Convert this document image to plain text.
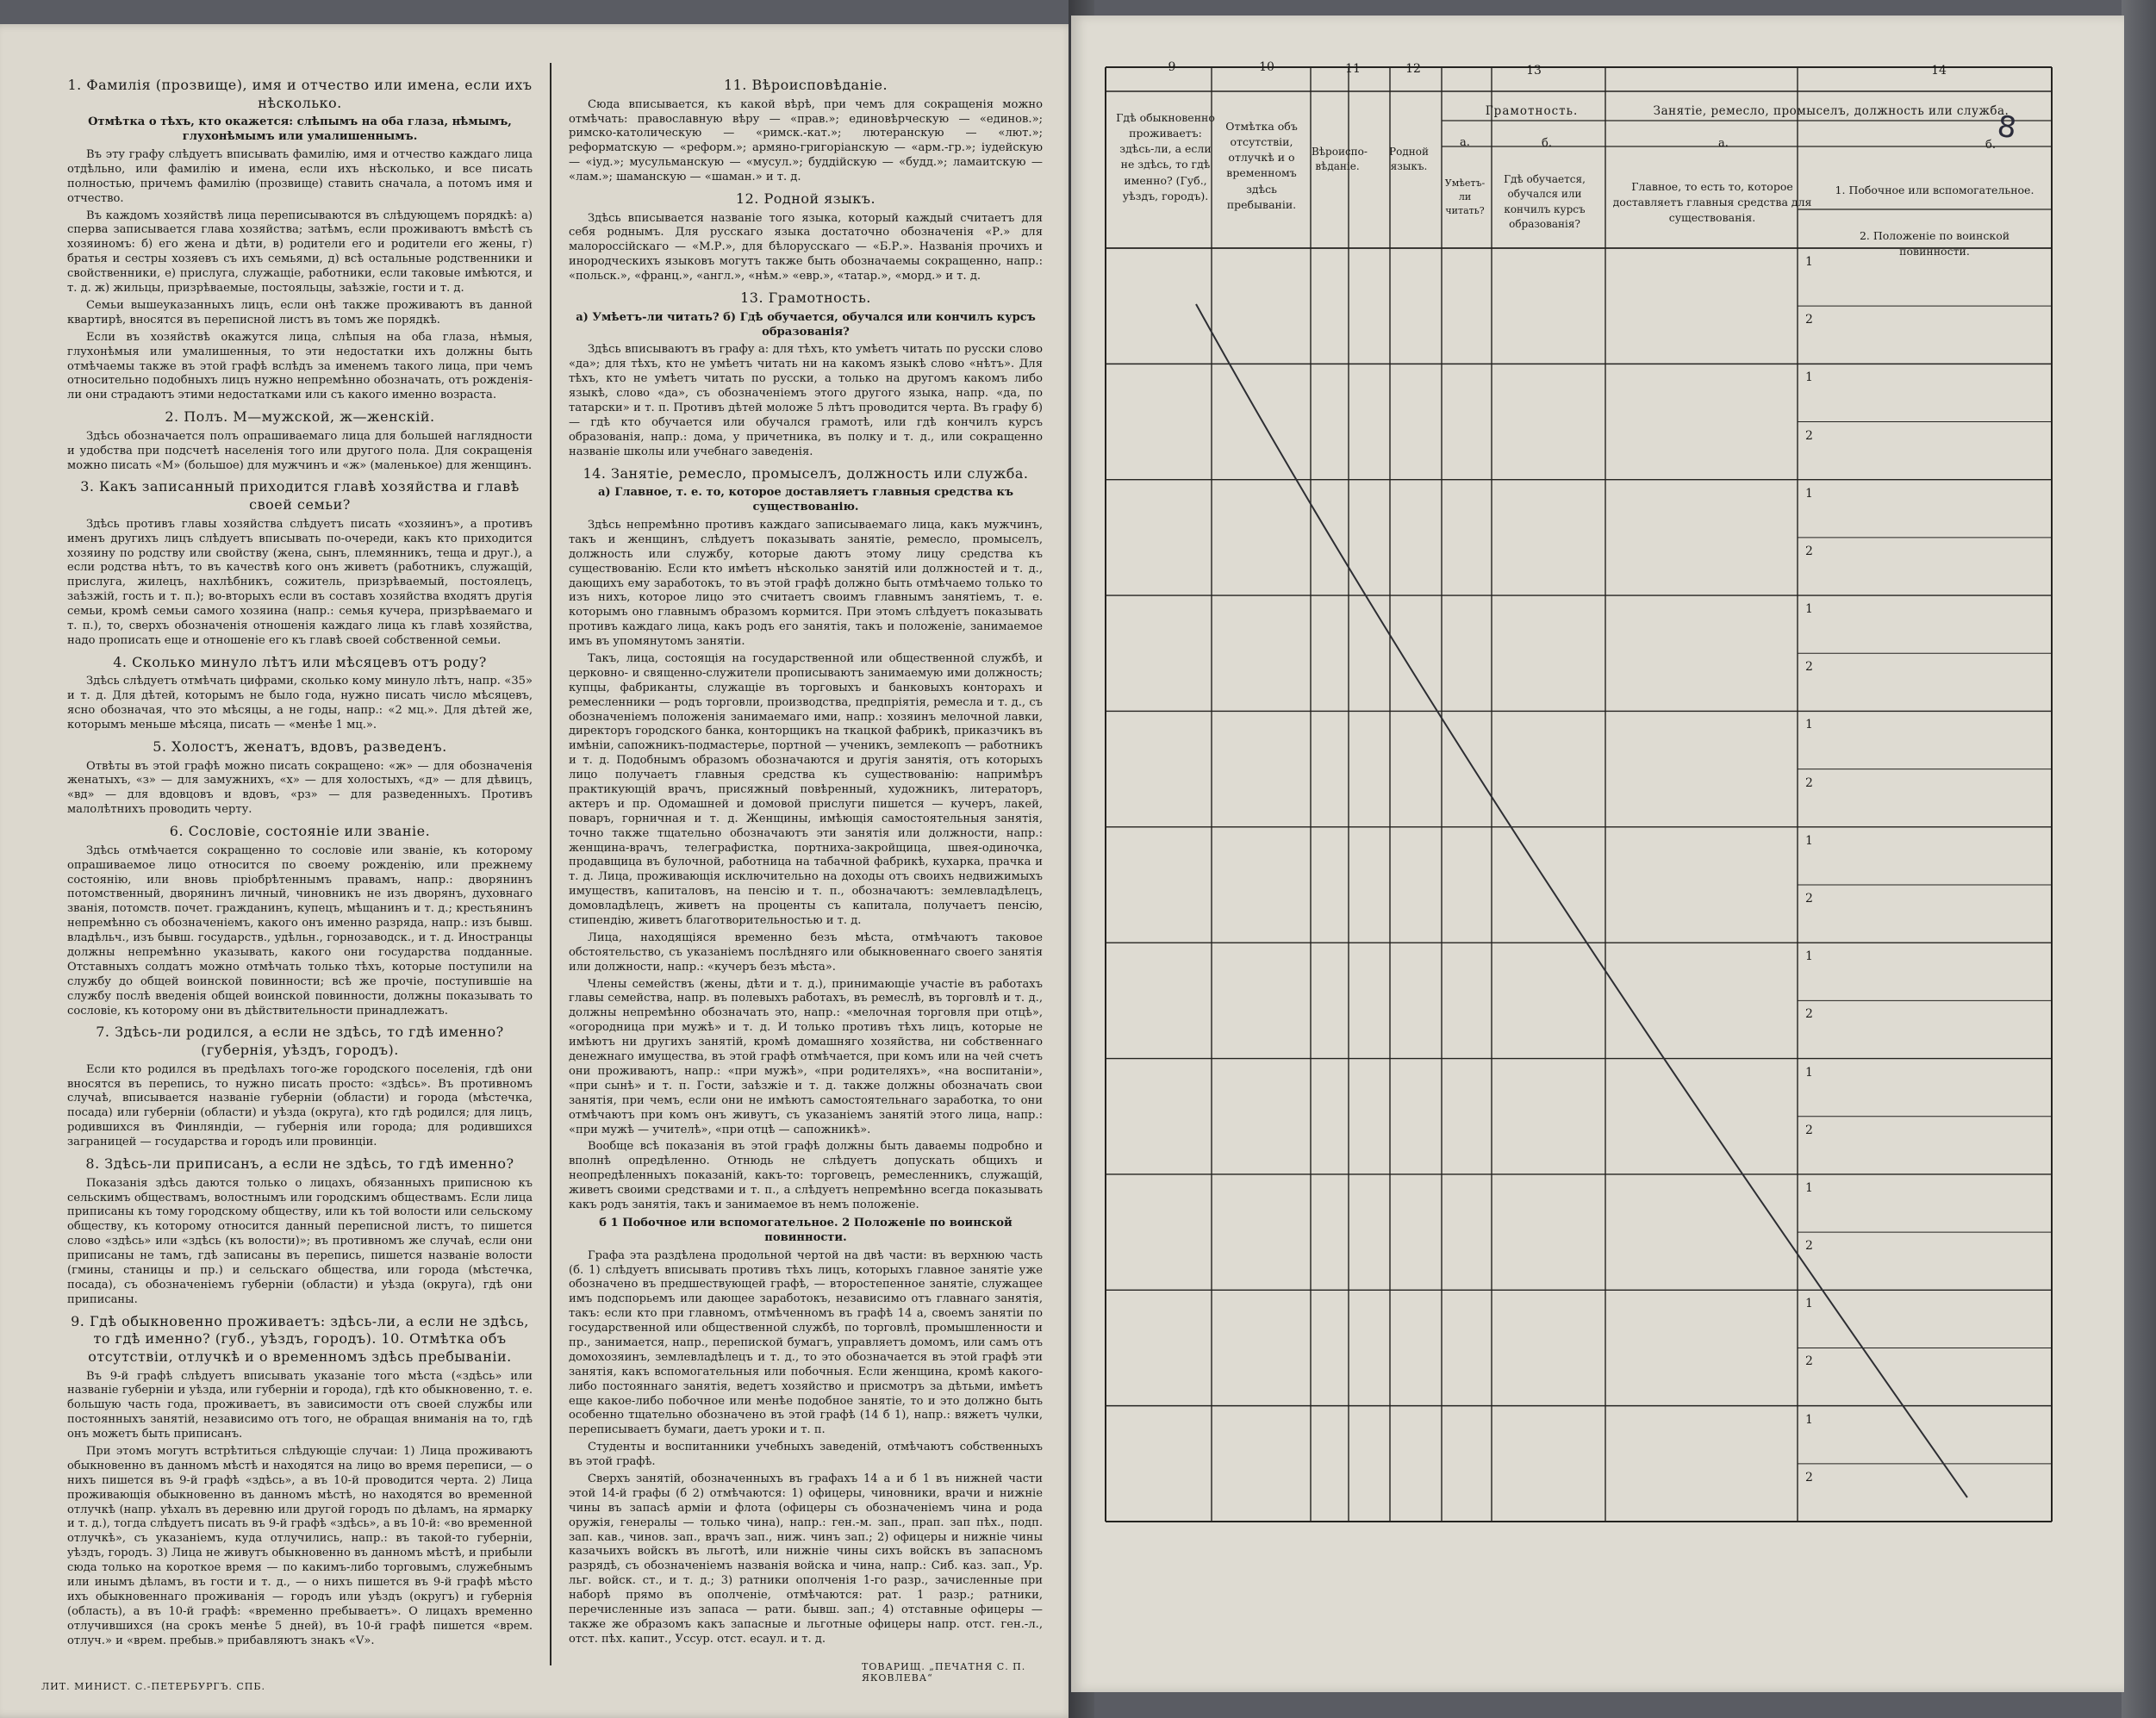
1. Фамилія (прозвище), имя и отчество или имена, если ихъ нѣсколько.
Отмѣтка о тѣхъ, кто окажется: слѣпымъ на оба глаза, нѣмымъ, глухонѣмымъ или умалишеннымъ.

Въ эту графу слѣдуетъ вписывать фамилію, имя и отчество каждаго лица отдѣльно, или фамилію и имена, если ихъ нѣсколько, и все писать полностью, причемъ фамилію (прозвище) ставить сначала, а потомъ имя и отчество.

Въ каждомъ хозяйствѣ лица переписываются въ слѣдующемъ порядкѣ: а) сперва записывается глава хозяйства; затѣмъ, если проживаютъ вмѣстѣ съ хозяиномъ: б) его жена и дѣти, в) родители его и родители его жены, г) братья и сестры хозяевъ съ ихъ семьями, д) всѣ остальные родственники и свойственники, е) прислуга, служащіе, работники, если таковые имѣются, и т. д. ж) жильцы, призрѣваемые, постояльцы, заѣзжіе, гости и т. д.

Семьи вышеуказанныхъ лицъ, если онѣ также проживаютъ въ данной квартирѣ, вносятся въ переписной листъ въ томъ же порядкѣ.

Если въ хозяйствѣ окажутся лица, слѣпыя на оба глаза, нѣмыя, глухонѣмыя или умалишенныя, то эти недостатки ихъ должны быть отмѣчаемы также въ этой графѣ вслѣдъ за именемъ такого лица, при чемъ относительно подобныхъ лицъ нужно непремѣнно обозначать, отъ рожденія-ли они страдаютъ этими недостатками или съ какого именно возраста.

2. Полъ. М—мужской, ж—женскій.

Здѣсь обозначается полъ опрашиваемаго лица для большей наглядности и удобства при подсчетѣ населенія того или другого пола. Для сокращенія можно писать «М» (большое) для мужчинъ и «ж» (маленькое) для женщинъ.

3. Какъ записанный приходится главѣ хозяйства и главѣ своей семьи?

Здѣсь противъ главы хозяйства слѣдуетъ писать «хозяинъ», а противъ именъ другихъ лицъ слѣдуетъ вписывать по-очереди, какъ кто приходится хозяину по родству или свойству (жена, сынъ, племянникъ, теща и друг.), а если родства нѣтъ, то въ качествѣ кого онъ живетъ (работникъ, служащій, прислуга, жилецъ, нахлѣбникъ, сожитель, призрѣваемый, постоялецъ, заѣзжій, гость и т. п.); во-вторыхъ если въ составъ хозяйства входятъ другія семьи, кромѣ семьи самого хозяина (напр.: семья кучера, призрѣваемаго и т. п.), то, сверхъ обозначенія отношенія каждаго лица къ главѣ хозяйства, надо прописать еще и отношеніе его къ главѣ своей собственной семьи.

4. Сколько минуло лѣтъ или мѣсяцевъ отъ роду?

Здѣсь слѣдуетъ отмѣчать цифрами, сколько кому минуло лѣтъ, напр. «35» и т. д. Для дѣтей, которымъ не было года, нужно писать число мѣсяцевъ, ясно обозначая, что это мѣсяцы, а не годы, напр.: «2 мц.». Для дѣтей же, которымъ меньше мѣсяца, писать — «менѣе 1 мц.».

5. Холостъ, женатъ, вдовъ, разведенъ.

Отвѣты въ этой графѣ можно писать сокращено: «ж» — для обозначенія женатыхъ, «з» — для замужнихъ, «х» — для холостыхъ, «д» — для дѣвицъ, «вд» — для вдовцовъ и вдовъ, «рз» — для разведенныхъ. Противъ малолѣтнихъ проводить черту.

6. Сословіе, состояніе или званіе.

Здѣсь отмѣчается сокращенно то сословіе или званіе, къ которому опрашиваемое лицо относится по своему рожденію, или прежнему состоянію, или вновь пріобрѣтеннымъ правамъ, напр.: дворянинъ потомственный, дворянинъ личный, чиновникъ не изъ дворянъ, духовнаго званія, потомств. почет. гражданинъ, купецъ, мѣщанинъ и т. д.; крестьянинъ непремѣнно съ обозначеніемъ, какого онъ именно разряда, напр.: изъ бывш. владѣльч., изъ бывш. государств., удѣльн., горнозаводск., и т. д. Иностранцы должны непремѣнно указывать, какого они государства подданные. Отставныхъ солдатъ можно отмѣчать только тѣхъ, которые поступили на службу до общей воинской повинности; всѣ же прочіе, поступившіе на службу послѣ введенія общей воинской повинности, должны показывать то сословіе, къ которому они въ дѣйствительности принадлежатъ.

7. Здѣсь-ли родился, а если не здѣсь, то гдѣ именно? (губернія, уѣздъ, городъ).

Если кто родился въ предѣлахъ того-же городского поселенія, гдѣ они вносятся въ перепись, то нужно писать просто: «здѣсь». Въ противномъ случаѣ, вписывается названіе губерніи (области) и города (мѣстечка, посада) или губерніи (области) и уѣзда (округа), кто гдѣ родился; для лицъ, родившихся въ Финляндіи, — губернія или города; для родившихся заграницей — государства и городъ или провинціи.

8. Здѣсь-ли приписанъ, а если не здѣсь, то гдѣ именно?

Показанія здѣсь даются только о лицахъ, обязанныхъ приписною къ сельскимъ обществамъ, волостнымъ или городскимъ обществамъ. Если лица приписаны къ тому городскому обществу, или къ той волости или сельскому обществу, къ которому относится данный переписной листъ, то пишется слово «здѣсь» или «здѣсь (къ волости)»; въ противномъ же случаѣ, если они приписаны не тамъ, гдѣ записаны въ перепись, пишется названіе волости (гмины, станицы и пр.) и сельскаго общества, или города (мѣстечка, посада), съ обозначеніемъ губерніи (области) и уѣзда (округа), гдѣ они приписаны.

9. Гдѣ обыкновенно проживаетъ: здѣсь-ли, а если не здѣсь, то гдѣ именно? (губ., уѣздъ, городъ). 10. Отмѣтка объ отсутствіи, отлучкѣ и о временномъ здѣсь пребываніи.

Въ 9-й графѣ слѣдуетъ вписывать указаніе того мѣста («здѣсь» или названіе губерніи и уѣзда, или губерніи и города), гдѣ кто обыкновенно, т. е. большую часть года, проживаетъ, въ зависимости отъ своей службы или постоянныхъ занятій, независимо отъ того, не обращая вниманія на то, гдѣ онъ можетъ быть приписанъ.

При этомъ могутъ встрѣтиться слѣдующіе случаи: 1) Лица проживаютъ обыкновенно въ данномъ мѣстѣ и находятся на лицо во время переписи, — о нихъ пишется въ 9-й графѣ «здѣсь», а въ 10-й проводится черта. 2) Лица проживающія обыкновенно въ данномъ мѣстѣ, но находятся во временной отлучкѣ (напр. уѣхалъ въ деревню или другой городъ по дѣламъ, на ярмарку и т. д.), тогда слѣдуетъ писать въ 9-й графѣ «здѣсь», а въ 10-й: «во временной отлучкѣ», съ указаніемъ, куда отлучились, напр.: въ такой-то губерніи, уѣздъ, городъ. 3) Лица не живутъ обыкновенно въ данномъ мѣстѣ, и прибыли сюда только на короткое время — по какимъ-либо торговымъ, служебнымъ или инымъ дѣламъ, въ гости и т. д., — о нихъ пишется въ 9-й графѣ мѣсто ихъ обыкновеннаго проживанія — городъ или уѣздъ (округъ) и губернія (область), а въ 10-й графѣ: «временно пребываетъ». О лицахъ временно отлучившихся (на срокъ менѣе 5 дней), въ 10-й графѣ пишется «врем. отлуч.» и «врем. пребыв.» прибавляютъ знакъ «V».

11. Вѣроисповѣданіе.

Сюда вписывается, къ какой вѣрѣ, при чемъ для сокращенія можно отмѣчать: православную вѣру — «прав.»; единовѣрческую — «единов.»; римско-католическую — «римск.-кат.»; лютеранскую — «лют.»; реформатскую — «реформ.»; армяно-григоріанскую — «арм.-гр.»; іудейскую — «іуд.»; мусульманскую — «мусул.»; буддійскую — «будд.»; ламаитскую — «лам.»; шаманскую — «шаман.» и т. д.

12. Родной языкъ.

Здѣсь вписывается названіе того языка, который каждый считаетъ для себя роднымъ. Для русскаго языка достаточно обозначенія «Р.» для малороссійскаго — «М.Р.», для бѣлорусскаго — «Б.Р.». Названія прочихъ и инородческихъ языковъ могутъ также быть обозначаемы сокращенно, напр.: «польск.», «франц.», «англ.», «нѣм.» «евр.», «татар.», «морд.» и т. д.

13. Грамотность.
а) Умѣетъ-ли читать? б) Гдѣ обучается, обучался или кончилъ курсъ образованія?

Здѣсь вписываютъ въ графу а: для тѣхъ, кто умѣетъ читать по русски слово «да»; для тѣхъ, кто не умѣетъ читать ни на какомъ языкѣ слово «нѣтъ». Для тѣхъ, кто не умѣетъ читать по русски, а только на другомъ какомъ либо языкѣ, слово «да», съ обозначеніемъ этого другого языка, напр. «да, по татарски» и т. п. Противъ дѣтей моложе 5 лѣтъ проводится черта. Въ графу б) — гдѣ кто обучается или обучался грамотѣ, или гдѣ кончилъ курсъ образованія, напр.: дома, у причетника, въ полку и т. д., или сокращенно названіе школы или учебнаго заведенія.

14. Занятіе, ремесло, промыселъ, должность или служба.
а) Главное, т. е. то, которое доставляетъ главныя средства къ существованію.

Здѣсь непремѣнно противъ каждаго записываемаго лица, какъ мужчинъ, такъ и женщинъ, слѣдуетъ показывать занятіе, ремесло, промыселъ, должность или службу, которые даютъ этому лицу средства къ существованію. Если кто имѣетъ нѣсколько занятій или должностей и т. д., дающихъ ему заработокъ, то въ этой графѣ должно быть отмѣчаемо только то изъ нихъ, которое лицо это считаетъ своимъ главнымъ занятіемъ, т. е. которымъ оно главнымъ образомъ кормится. При этомъ слѣдуетъ показывать противъ каждаго лица, какъ родъ его занятія, такъ и положеніе, занимаемое имъ въ упомянутомъ занятіи.

Такъ, лица, состоящія на государственной или общественной службѣ, и церковно- и священно-служители прописываютъ занимаемую ими должность; купцы, фабриканты, служащіе въ торговыхъ и банковыхъ конторахъ и ремесленники — родъ торговли, производства, предпріятія, ремесла и т. д., съ обозначеніемъ положенія занимаемаго ими, напр.: хозяинъ мелочной лавки, директоръ городского банка, конторщикъ на ткацкой фабрикѣ, приказчикъ въ имѣніи, сапожникъ-подмастерье, портной — ученикъ, землекопъ — работникъ и т. д. Подобнымъ образомъ обозначаются и другія занятія, отъ которыхъ лицо получаетъ главныя средства къ существованію: напримѣръ практикующій врачъ, присяжный повѣренный, художникъ, литераторъ, актеръ и пр. Одомашней и домовой прислуги пишется — кучеръ, лакей, поваръ, горничная и т. д. Женщины, имѣющія самостоятельныя занятія, точно также тщательно обозначаютъ эти занятія или должности, напр.: женщина-врачъ, телеграфистка, портниха-закройщица, швея-одиночка, продавщица въ булочной, работница на табачной фабрикѣ, кухарка, прачка и т. д. Лица, проживающія исключительно на доходы отъ своихъ недвижимыхъ имуществъ, капиталовъ, на пенсію и т. п., обозначаютъ: землевладѣлецъ, домовладѣлецъ, живетъ на проценты съ капитала, получаетъ пенсію, стипендію, живетъ благотворительностью и т. д.

Лица, находящіяся временно безъ мѣста, отмѣчаютъ таковое обстоятельство, съ указаніемъ послѣдняго или обыкновеннаго своего занятія или должности, напр.: «кучеръ безъ мѣста».

Члены семействъ (жены, дѣти и т. д.), принимающіе участіе въ работахъ главы семейства, напр. въ полевыхъ работахъ, въ ремеслѣ, въ торговлѣ и т. д., должны непремѣнно обозначать это, напр.: «мелочная торговля при отцѣ», «огородница при мужѣ» и т. д. И только противъ тѣхъ лицъ, которые не имѣютъ ни другихъ занятій, кромѣ домашняго хозяйства, ни собственнаго денежнаго имущества, въ этой графѣ отмѣчается, при комъ или на чей счетъ они проживаютъ, напр.: «при мужѣ», «при родителяхъ», «на воспитаніи», «при сынѣ» и т. п. Гости, заѣзжіе и т. д. также должны обозначать свои занятія, при чемъ, если они не имѣютъ самостоятельнаго заработка, то они отмѣчаютъ при комъ онъ живутъ, съ указаніемъ занятій этого лица, напр.: «при мужѣ — учителѣ», «при отцѣ — сапожникѣ».

Вообще всѣ показанія въ этой графѣ должны быть даваемы подробно и вполнѣ опредѣленно. Отнюдь не слѣдуетъ допускать общихъ и неопредѣленныхъ показаній, какъ-то: торговецъ, ремесленникъ, служащій, живетъ своими средствами и т. п., а слѣдуетъ непремѣнно всегда показывать какъ родъ занятія, такъ и занимаемое въ немъ положеніе.

б 1 Побочное или вспомогательное. 2 Положеніе по воинской повинности.

Графа эта раздѣлена продольной чертой на двѣ части: въ верхнюю часть (б. 1) слѣдуетъ вписывать противъ тѣхъ лицъ, которыхъ главное занятіе уже обозначено въ предшествующей графѣ, — второстепенное занятіе, служащее имъ подспорьемъ или дающее заработокъ, независимо отъ главнаго занятія, такъ: если кто при главномъ, отмѣченномъ въ графѣ 14 а, своемъ занятіи по государственной или общественной службѣ, по торговлѣ, промышленности и пр., занимается, напр., перепиской бумагъ, управляетъ домомъ, или самъ отъ домохозяинъ, землевладѣлецъ и т. д., то это обозначается въ этой графѣ эти занятія, какъ вспомогательныя или побочныя. Если женщина, кромѣ какого-либо постояннаго занятія, ведетъ хозяйство и присмотръ за дѣтьми, имѣетъ еще какое-либо побочное или менѣе подобное занятіе, то и это должно быть особенно тщательно обозначено въ этой графѣ (14 б 1), напр.: вяжетъ чулки, переписываетъ бумаги, даетъ уроки и т. п.

Студенты и воспитанники учебныхъ заведеній, отмѣчаютъ собственныхъ въ этой графѣ.

Сверхъ занятій, обозначенныхъ въ графахъ 14 а и б 1 въ нижней части этой 14-й графы (б 2) отмѣчаются: 1) офицеры, чиновники, врачи и нижніе чины въ запасѣ арміи и флота (офицеры съ обозначеніемъ чина и рода оружія, генералы — только чина), напр.: ген.-м. зап., прап. зап пѣх., подп. зап. кав., чинов. зап., врачъ зап., ниж. чинъ зап.; 2) офицеры и нижніе чины казачьихъ войскъ въ льготѣ, или нижніе чины сихъ войскъ въ запасномъ разрядѣ, съ обозначеніемъ названія войска и чина, напр.: Сиб. каз. зап., Ур. льг. войск. ст., и т. д.; 3) ратники ополченія 1-го разр., зачисленные при наборѣ прямо въ ополченіе, отмѣчаются: рат. 1 разр.; ратники, перечисленные изъ запаса — рати. бывш. зап.; 4) отставные офицеры — также же образомъ какъ запасные и льготные офицеры напр. отст. ген.-л., отст. пѣх. капит., Уссур. отст. есаул. и т. д.

ЛИТ. МИНИСТ. С.-ПЕТЕРБУРГЪ. СПБ.
ТОВАРИЩ. „ПЕЧАТНЯ С. П. ЯКОВЛЕВА“
9	10	11	12	13	14
Гдѣ обыкновенно проживаетъ: здѣсь-ли, а если не здѣсь, то гдѣ именно? (Губ., уѣздъ, городъ).
Отмѣтка объ отсутствіи, отлучкѣ и о временномъ здѣсь пребываніи.
Вѣроиспо-вѣданіе.
Родной языкъ.
Грамотность.
а.	б.
Умѣетъ-ли читать?
Гдѣ обучается, обучался или кончилъ курсъ образованія?
Занятіе, ремесло, промыселъ, должность или служба.
а.	б.
Главное, то есть то, которое доставляетъ главныя средства для существованія.
1. Побочное или вспомогательное.
2. Положеніе по воинской повинности.
8
1
2
1
2
1
2
1
2
1
2
1
2
1
2
1
2
1
2
1
2
1
2
